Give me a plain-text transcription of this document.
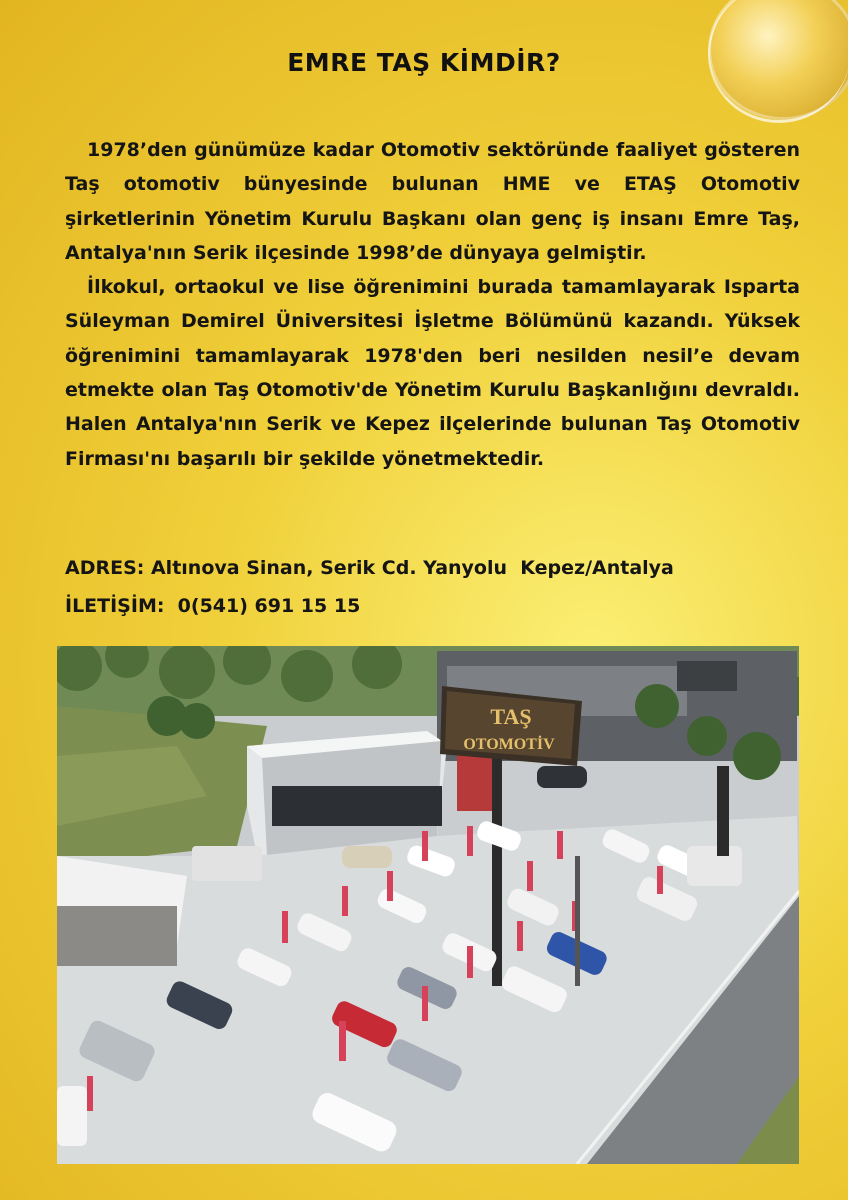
EMRE TAŞ KİMDİR?

1978’den günümüze kadar Otomotiv sektöründe faaliyet gösteren Taş otomotiv bünyesinde bulunan HME ve ETAŞ Otomotiv şirketlerinin Yönetim Kurulu Başkanı olan genç iş insanı Emre Taş, Antalya'nın Serik ilçesinde 1998’de dünyaya gelmiştir.

İlkokul, ortaokul ve lise öğrenimini burada tamamlayarak Isparta Süleyman Demirel Üniversitesi İşletme Bölümünü kazandı. Yüksek öğrenimini tamamlayarak 1978'den beri nesilden nesil’e devam etmekte olan Taş Otomotiv'de Yönetim Kurulu Başkanlığını devraldı. Halen Antalya'nın Serik ve Kepez ilçelerinde bulunan Taş Otomotiv Firması'nı başarılı bir şekilde yönetmektedir.

ADRES: Altınova Sinan, Serik Cd. Yanyolu  Kepez/Antalya
İLETİŞİM:  0(541) 691 15 15
TAŞ
OTOMOTİV
